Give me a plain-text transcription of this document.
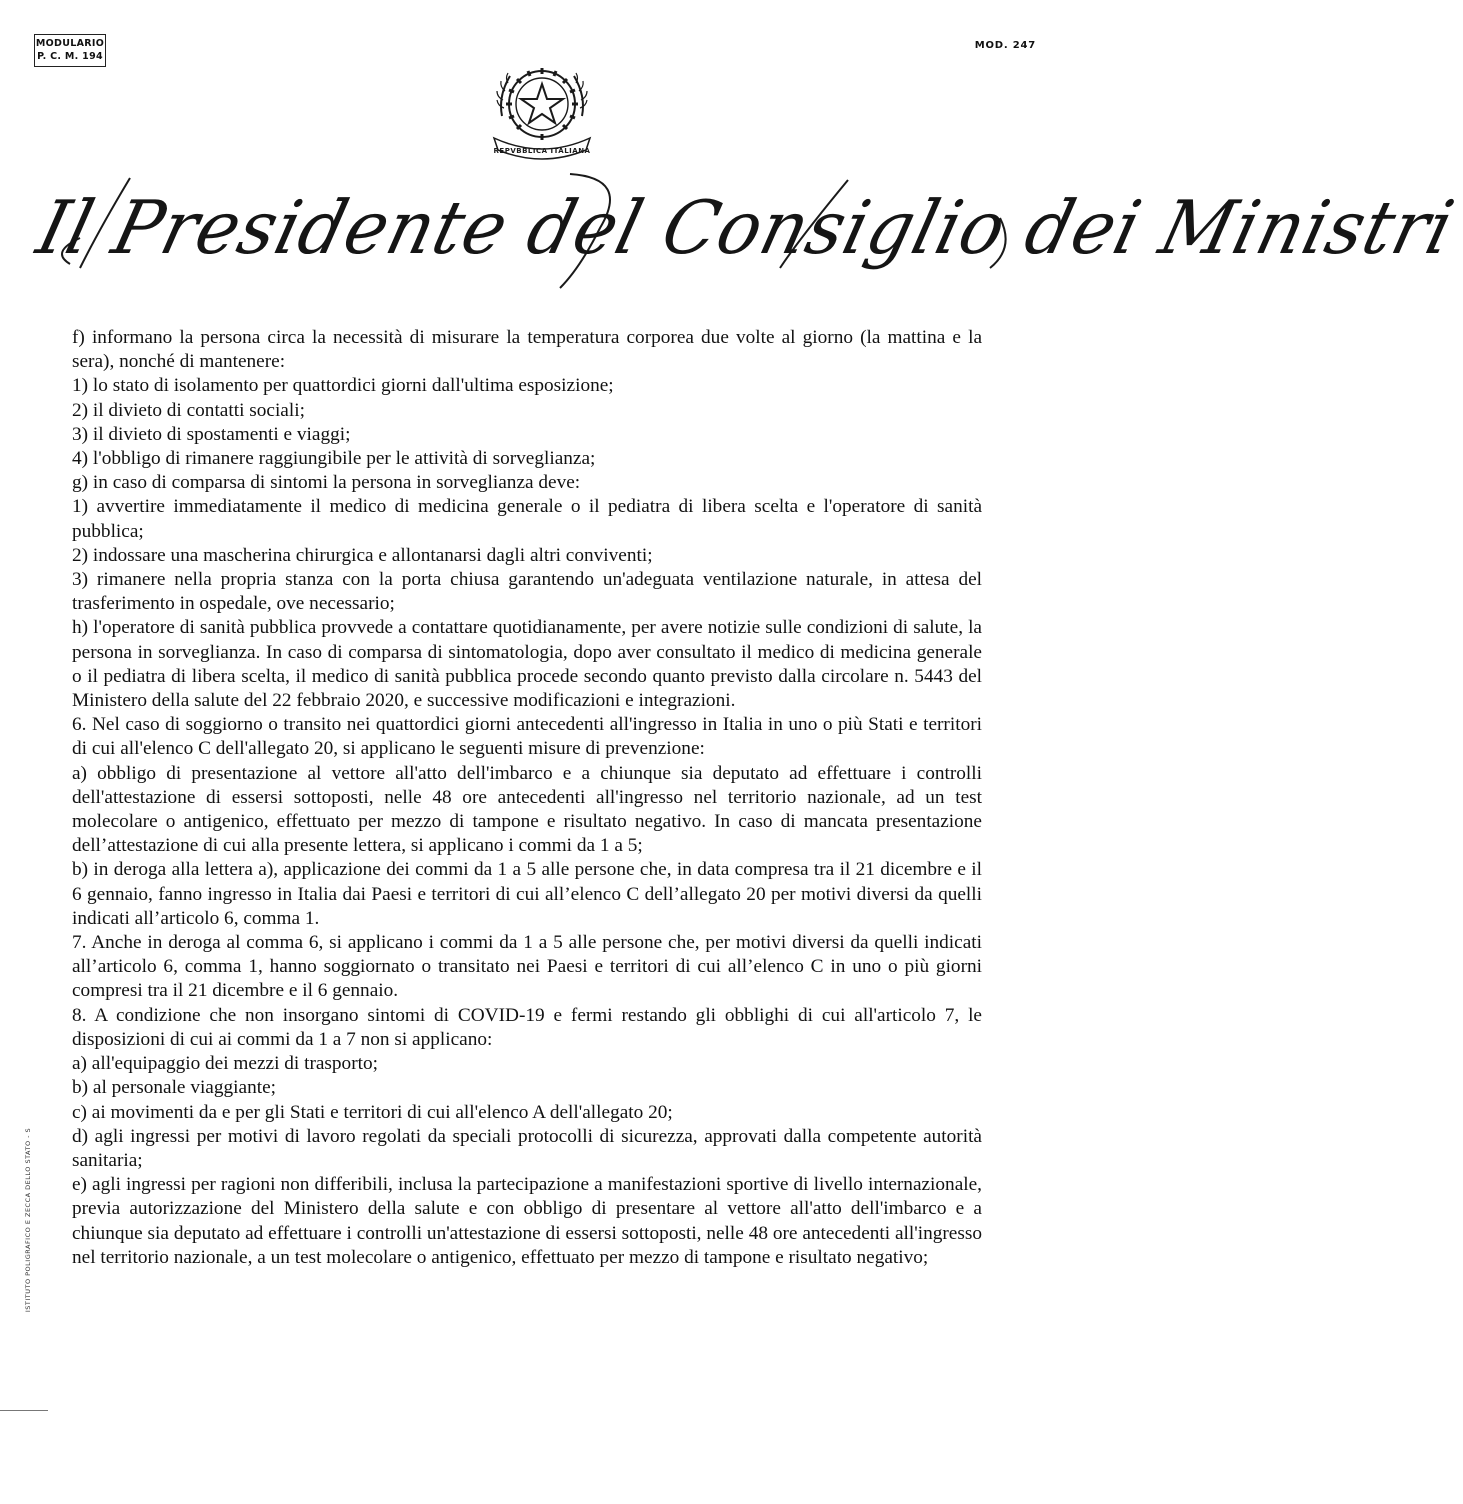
MODULARIO
P. C. M. 194
MOD. 247
REPVBBLICA ITALIANA
Il Presidente del Consiglio dei Ministri

f) informano la persona circa la necessità di misurare la temperatura corporea due volte al giorno (la mattina e la sera), nonché di mantenere:

1) lo stato di isolamento per quattordici giorni dall'ultima esposizione;

2) il divieto di contatti sociali;

3) il divieto di spostamenti e viaggi;

4) l'obbligo di rimanere raggiungibile per le attività di sorveglianza;

g) in caso di comparsa di sintomi la persona in sorveglianza deve:

1) avvertire immediatamente il medico di medicina generale o il pediatra di libera scelta e l'operatore di sanità pubblica;

2) indossare una mascherina chirurgica e allontanarsi dagli altri conviventi;

3) rimanere nella propria stanza con la porta chiusa garantendo un'adeguata ventilazione naturale, in attesa del trasferimento in ospedale, ove necessario;

h) l'operatore di sanità pubblica provvede a contattare quotidianamente, per avere notizie sulle condizioni di salute, la persona in sorveglianza. In caso di comparsa di sintomatologia, dopo aver consultato il medico di medicina generale o il pediatra di libera scelta, il medico di sanità pubblica procede secondo quanto previsto dalla circolare n. 5443 del Ministero della salute del 22 febbraio 2020, e successive modificazioni e integrazioni.

6. Nel caso di soggiorno o transito nei quattordici giorni antecedenti all'ingresso in Italia in uno o più Stati e territori di cui all'elenco C dell'allegato 20, si applicano le seguenti misure di prevenzione:

a) obbligo di presentazione al vettore all'atto dell'imbarco e a chiunque sia deputato ad effettuare i controlli dell'attestazione di essersi sottoposti, nelle 48 ore antecedenti all'ingresso nel territorio nazionale, ad un test molecolare o antigenico, effettuato per mezzo di tampone e risultato negativo. In caso di mancata presentazione dell’attestazione di cui alla presente lettera, si applicano i commi da 1 a 5;

b) in deroga alla lettera a), applicazione dei commi da 1 a 5 alle persone che, in data compresa tra il 21 dicembre e il 6 gennaio, fanno ingresso in Italia dai Paesi e territori di cui all’elenco C dell’allegato 20 per motivi diversi da quelli indicati all’articolo 6, comma 1.

7. Anche in deroga al comma 6, si applicano i commi da 1 a 5 alle persone che, per motivi diversi da quelli indicati all’articolo 6, comma 1, hanno soggiornato o transitato nei Paesi e territori di cui all’elenco C in uno o più giorni compresi tra il 21 dicembre e il 6 gennaio.

8. A condizione che non insorgano sintomi di COVID-19 e fermi restando gli obblighi di cui all'articolo 7, le disposizioni di cui ai commi da 1 a 7 non si applicano:

a) all'equipaggio dei mezzi di trasporto;

b) al personale viaggiante;

c) ai movimenti da e per gli Stati e territori di cui all'elenco A dell'allegato 20;

d) agli ingressi per motivi di lavoro regolati da speciali protocolli di sicurezza, approvati dalla competente autorità sanitaria;

e) agli ingressi per ragioni non differibili, inclusa la partecipazione a manifestazioni sportive di livello internazionale, previa autorizzazione del Ministero della salute e con obbligo di presentare al vettore all'atto dell'imbarco e a chiunque sia deputato ad effettuare i controlli un'attestazione di essersi sottoposti, nelle 48 ore antecedenti all'ingresso nel territorio nazionale, a un test molecolare o antigenico, effettuato per mezzo di tampone e risultato negativo;

ISTITUTO POLIGRAFICO E ZECCA DELLO STATO - S
